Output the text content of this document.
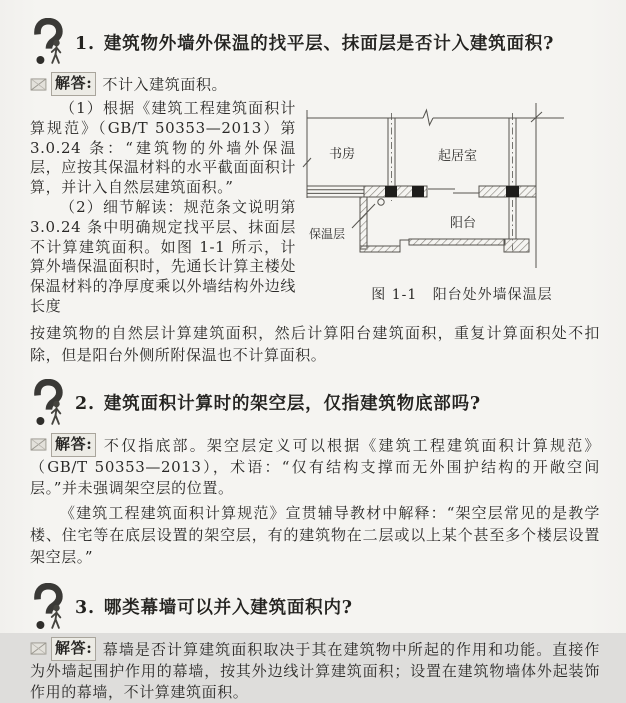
1. 建筑物外墙外保温的找平层、抹面层是否计入建筑面积?

解答: 不计入建筑面积。

（1）根据《建筑工程建筑面积计算规范》（GB/T 50353—2013）第 3.0.24 条：“建筑物的外墙外保温层，应按其保温材料的水平截面面积计算，并计入自然层建筑面积。”

（2）细节解读：规范条文说明第 3.0.24 条中明确规定找平层、抹面层不计算建筑面积。如图 1-1 所示，计算外墙保温面积时，先通长计算主楼处保温材料的净厚度乘以外墙结构外边线长度

书房	起居室
阳台
保温层
图 1-1 阳台处外墙保温层

按建筑物的自然层计算建筑面积，然后计算阳台建筑面积，重复计算面积处不扣除，但是阳台外侧所附保温也不计算面积。

2. 建筑面积计算时的架空层，仅指建筑物底部吗?

解答: 不仅指底部。架空层定义可以根据《建筑工程建筑面积计算规范》（GB/T 50353—2013），术语：“仅有结构支撑而无外围护结构的开敞空间层。”并未强调架空层的位置。

《建筑工程建筑面积计算规范》宣贯辅导教材中解释：“架空层常见的是教学楼、住宅等在底层设置的架空层，有的建筑物在二层或以上某个甚至多个楼层设置架空层。”

3. 哪类幕墙可以并入建筑面积内?

解答: 幕墙是否计算建筑面积取决于其在建筑物中所起的作用和功能。直接作为外墙起围护作用的幕墙，按其外边线计算建筑面积；设置在建筑物墙体外起装饰作用的幕墙，不计算建筑面积。
